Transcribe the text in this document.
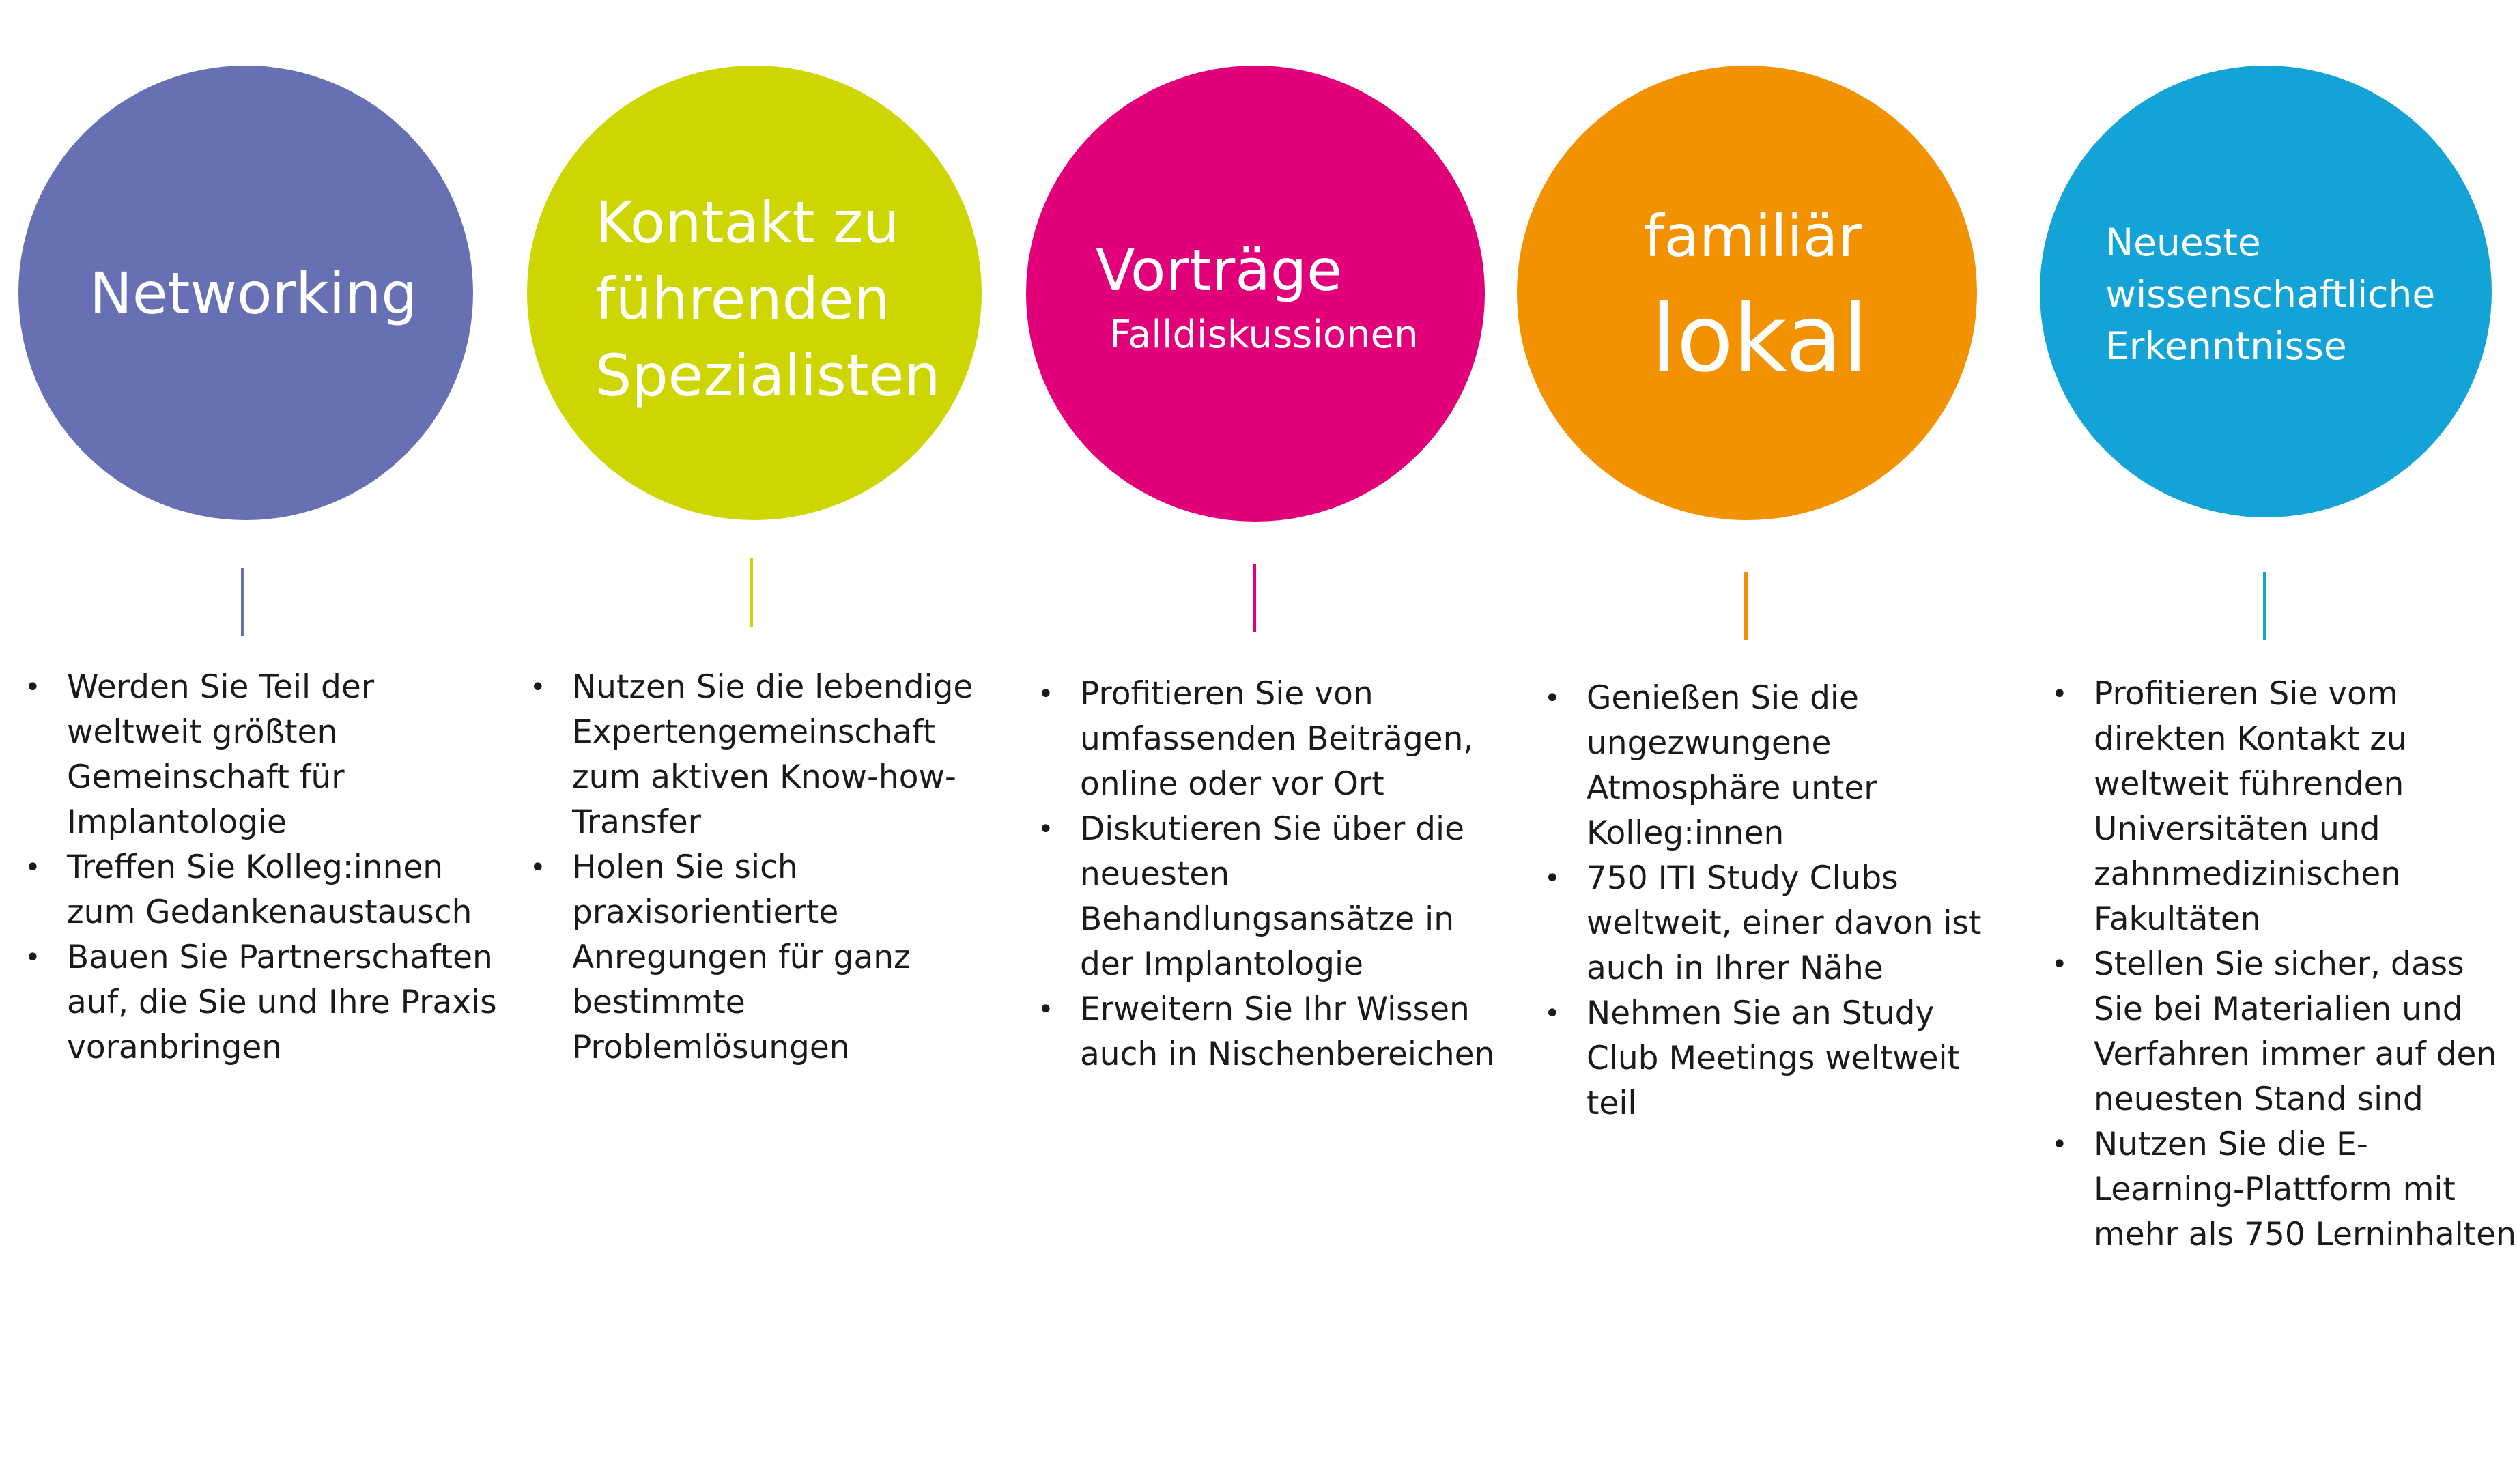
Networking
• Werden Sie Teil der weltweit größten Gemeinschaft für Implantologie
• Treffen Sie Kolleg:innen zum Gedankenaustausch
• Bauen Sie Partnerschaften auf, die Sie und Ihre Praxis voranbringen
Kontakt zu
führenden
Spezialisten
• Nutzen Sie die lebendige Expertengemeinschaft zum aktiven Know-how-Transfer
• Holen Sie sich praxisorientierte Anregungen für ganz bestimmte Problemlösungen
Vorträge
Falldiskussionen
• Profitieren Sie von umfassenden Beiträgen, online oder vor Ort
• Diskutieren Sie über die neuesten Behandlungsansätze in der Implantologie
• Erweitern Sie Ihr Wissen auch in Nischenbereichen
familiär
lokal
• Genießen Sie die ungezwungene Atmosphäre unter Kolleg:innen
• 750 ITI Study Clubs weltweit, einer davon ist auch in Ihrer Nähe
• Nehmen Sie an Study Club Meetings weltweit teil
Neueste
wissenschaftliche
Erkenntnisse
• Profitieren Sie vom direkten Kontakt zu weltweit führenden Universitäten und zahnmedizinischen Fakultäten
• Stellen Sie sicher, dass Sie bei Materialien und Verfahren immer auf den neuesten Stand sind
• Nutzen Sie die E-Learning-Plattform mit mehr als 750 Lerninhalten
